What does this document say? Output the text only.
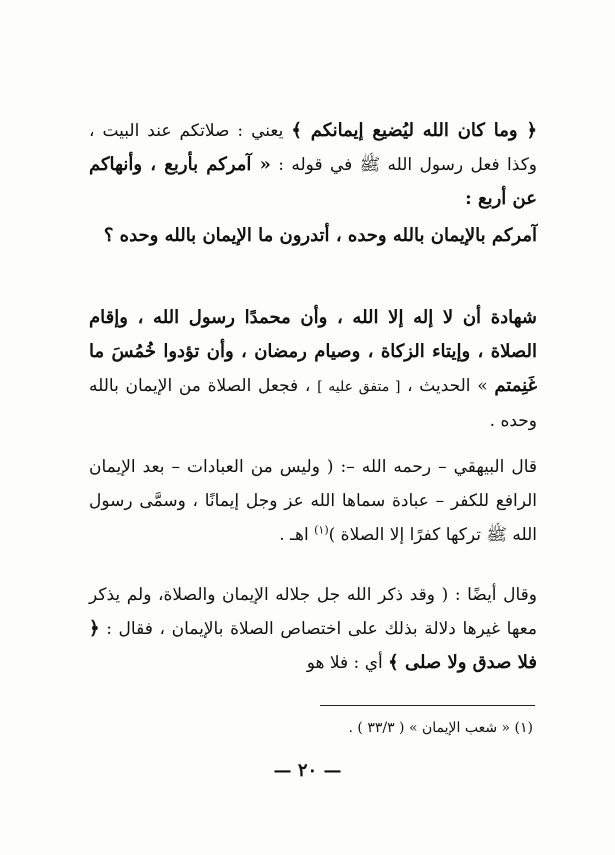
﴿ وما كان الله ليُضيع إيمانكم ﴾ يعني : صلاتكم عند البيت ، وكذا فعل رسول الله ﷺ في قوله : « آمركم بأربع ، وأنهاكم عن أربع :
آمركم بالإيمان بالله وحده ، أتدرون ما الإيمان بالله وحده ؟
شهادة أن لا إله إلا الله ، وأن محمدًا رسول الله ، وإقام الصلاة ، وإيتاء الزكاة ، وصيام رمضان ، وأن تؤدوا خُمُسَ ما غَنِمتم » الحديث ، [ متفق عليه ] ، فجعل الصلاة من الإيمان بالله وحده .
قال البيهقي – رحمه الله –: ( وليس من العبادات – بعد الإيمان الرافع للكفر – عبادة سماها الله عز وجل إيمانًا ، وسمَّى رسول الله ﷺ تركها كفرًا إلا الصلاة )$^{(١)}$ اهـ .
وقال أيضًا : ( وقد ذكر الله جل جلاله الإيمان والصلاة، ولم يذكر معها غيرها دلالة بذلك على اختصاص الصلاة بالإيمان ، فقال : ﴿ فلا صدق ولا صلى ﴾ أي : فلا هو
(١) « شعب الإيمان » ( ٣٣/٣ ) .
— ٢٠ —
